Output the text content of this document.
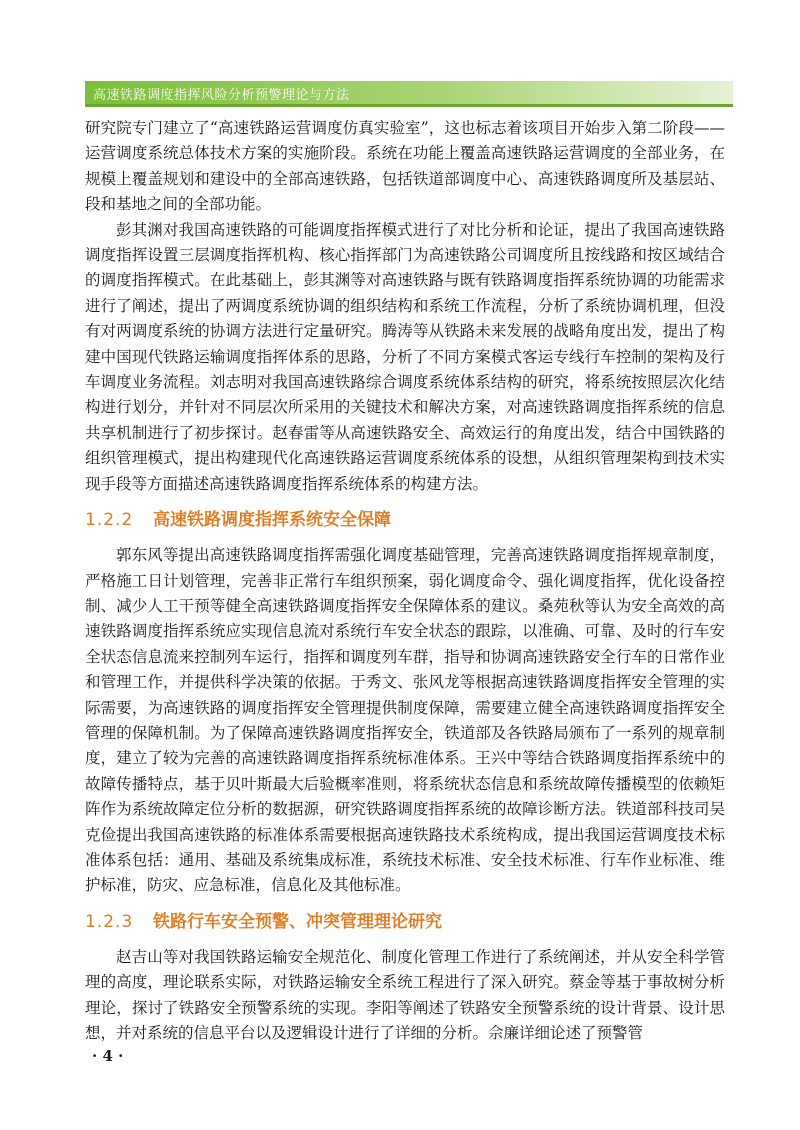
高速铁路调度指挥风险分析预警理论与方法

研究院专门建立了“高速铁路运营调度仿真实验室”，这也标志着该项目开始步入第二阶段——运营调度系统总体技术方案的实施阶段。系统在功能上覆盖高速铁路运营调度的全部业务，在规模上覆盖规划和建设中的全部高速铁路，包括铁道部调度中心、高速铁路调度所及基层站、段和基地之间的全部功能。

彭其渊对我国高速铁路的可能调度指挥模式进行了对比分析和论证，提出了我国高速铁路调度指挥设置三层调度指挥机构、核心指挥部门为高速铁路公司调度所且按线路和按区域结合的调度指挥模式。在此基础上，彭其渊等对高速铁路与既有铁路调度指挥系统协调的功能需求进行了阐述，提出了两调度系统协调的组织结构和系统工作流程，分析了系统协调机理，但没有对两调度系统的协调方法进行定量研究。腾涛等从铁路未来发展的战略角度出发，提出了构建中国现代铁路运输调度指挥体系的思路，分析了不同方案模式客运专线行车控制的架构及行车调度业务流程。刘志明对我国高速铁路综合调度系统体系结构的研究，将系统按照层次化结构进行划分，并针对不同层次所采用的关键技术和解决方案，对高速铁路调度指挥系统的信息共享机制进行了初步探讨。赵春雷等从高速铁路安全、高效运行的角度出发，结合中国铁路的组织管理模式，提出构建现代化高速铁路运营调度系统体系的设想，从组织管理架构到技术实现手段等方面描述高速铁路调度指挥系统体系的构建方法。

1.2.2 高速铁路调度指挥系统安全保障

郭东风等提出高速铁路调度指挥需强化调度基础管理，完善高速铁路调度指挥规章制度，严格施工日计划管理，完善非正常行车组织预案，弱化调度命令、强化调度指挥，优化设备控制、减少人工干预等健全高速铁路调度指挥安全保障体系的建议。桑苑秋等认为安全高效的高速铁路调度指挥系统应实现信息流对系统行车安全状态的跟踪，以准确、可靠、及时的行车安全状态信息流来控制列车运行，指挥和调度列车群，指导和协调高速铁路安全行车的日常作业和管理工作，并提供科学决策的依据。于秀文、张风龙等根据高速铁路调度指挥安全管理的实际需要，为高速铁路的调度指挥安全管理提供制度保障，需要建立健全高速铁路调度指挥安全管理的保障机制。为了保障高速铁路调度指挥安全，铁道部及各铁路局颁布了一系列的规章制度，建立了较为完善的高速铁路调度指挥系统标准体系。王兴中等结合铁路调度指挥系统中的故障传播特点，基于贝叶斯最大后验概率准则，将系统状态信息和系统故障传播模型的依赖矩阵作为系统故障定位分析的数据源，研究铁路调度指挥系统的故障诊断方法。铁道部科技司吴克俭提出我国高速铁路的标准体系需要根据高速铁路技术系统构成，提出我国运营调度技术标准体系包括：通用、基础及系统集成标准，系统技术标准、安全技术标准、行车作业标准、维护标准，防灾、应急标准，信息化及其他标准。

1.2.3 铁路行车安全预警、冲突管理理论研究

赵吉山等对我国铁路运输安全规范化、制度化管理工作进行了系统阐述，并从安全科学管理的高度，理论联系实际，对铁路运输安全系统工程进行了深入研究。蔡金等基于事故树分析理论，探讨了铁路安全预警系统的实现。李阳等阐述了铁路安全预警系统的设计背景、设计思想，并对系统的信息平台以及逻辑设计进行了详细的分析。佘廉详细论述了预警管

· 4 ·
